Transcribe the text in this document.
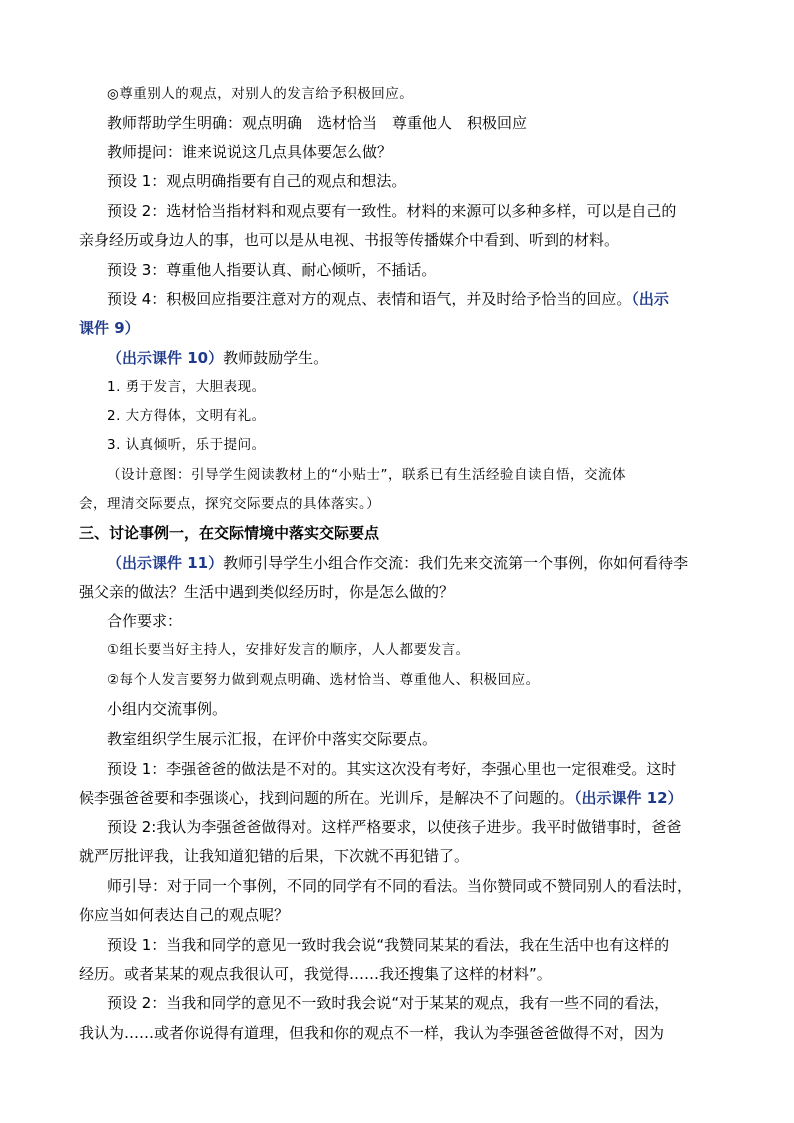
◎尊重别人的观点，对别人的发言给予积极回应。
教师帮助学生明确：观点明确　选材恰当　尊重他人　积极回应
教师提问：谁来说说这几点具体要怎么做？
预设 1：观点明确指要有自己的观点和想法。
预设 2：选材恰当指材料和观点要有一致性。材料的来源可以多种多样，可以是自己的
亲身经历或身边人的事，也可以是从电视、书报等传播媒介中看到、听到的材料。
预设 3：尊重他人指要认真、耐心倾听，不插话。
预设 4：积极回应指要注意对方的观点、表情和语气，并及时给予恰当的回应。（出示
课件 9）
（出示课件 10）教师鼓励学生。
1. 勇于发言，大胆表现。
2. 大方得体，文明有礼。
3. 认真倾听，乐于提问。
（设计意图：引导学生阅读教材上的“小贴士”，联系已有生活经验自读自悟，交流体
会，理清交际要点，探究交际要点的具体落实。）
三、讨论事例一，在交际情境中落实交际要点
（出示课件 11）教师引导学生小组合作交流：我们先来交流第一个事例，你如何看待李
强父亲的做法？生活中遇到类似经历时，你是怎么做的？
合作要求：
①组长要当好主持人，安排好发言的顺序，人人都要发言。
②每个人发言要努力做到观点明确、选材恰当、尊重他人、积极回应。
小组内交流事例。
教室组织学生展示汇报，在评价中落实交际要点。
预设 1：李强爸爸的做法是不对的。其实这次没有考好，李强心里也一定很难受。这时
候李强爸爸要和李强谈心，找到问题的所在。光训斥，是解决不了问题的。（出示课件 12）
预设 2:我认为李强爸爸做得对。这样严格要求，以使孩子进步。我平时做错事时，爸爸
就严厉批评我，让我知道犯错的后果，下次就不再犯错了。
师引导：对于同一个事例，不同的同学有不同的看法。当你赞同或不赞同别人的看法时，
你应当如何表达自己的观点呢？
预设 1：当我和同学的意见一致时我会说“我赞同某某的看法，我在生活中也有这样的
经历。或者某某的观点我很认可，我觉得……我还搜集了这样的材料”。
预设 2：当我和同学的意见不一致时我会说“对于某某的观点，我有一些不同的看法，
我认为……或者你说得有道理，但我和你的观点不一样，我认为李强爸爸做得不对，因为
